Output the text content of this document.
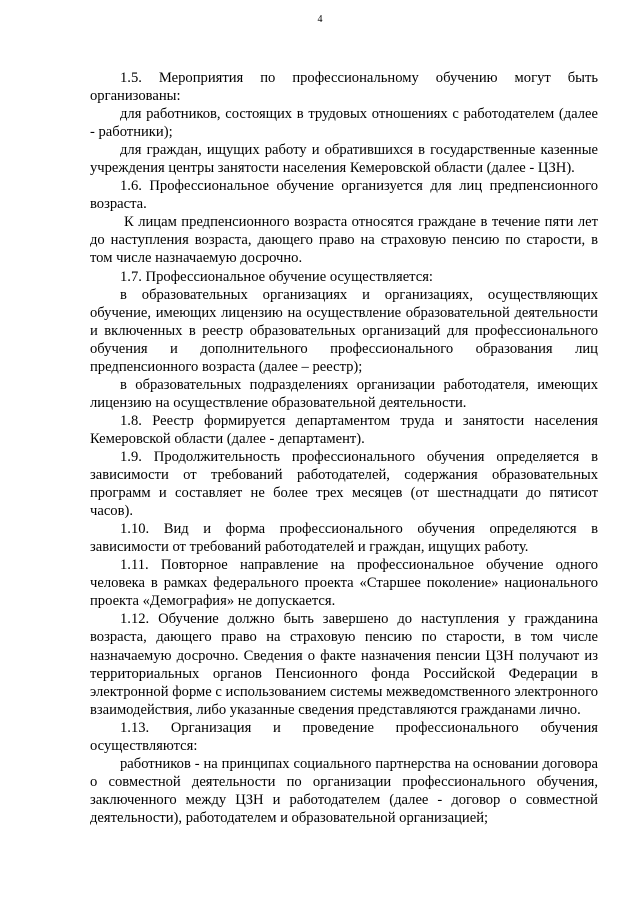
4

1.5. Мероприятия по профессиональному обучению могут быть организованы:

для работников, состоящих в трудовых отношениях с работодателем (далее - работники);

для граждан, ищущих работу и обратившихся в государственные казенные учреждения центры занятости населения Кемеровской области (далее - ЦЗН).

1.6. Профессиональное обучение организуется для лиц предпенсионного возраста.

К лицам предпенсионного возраста относятся граждане в течение пяти лет до наступления возраста, дающего право на страховую пенсию по старости, в том числе назначаемую досрочно.

1.7. Профессиональное обучение осуществляется:

в образовательных организациях и организациях, осуществляющих обучение, имеющих лицензию на осуществление образовательной деятельности и включенных в реестр образовательных организаций для профессионального обучения и дополнительного профессионального образования лиц предпенсионного возраста (далее – реестр);

в образовательных подразделениях организации работодателя, имеющих лицензию на осуществление образовательной деятельности.

1.8. Реестр формируется департаментом труда и занятости населения Кемеровской области (далее - департамент).

1.9. Продолжительность профессионального обучения определяется в зависимости от требований работодателей, содержания образовательных программ и составляет не более трех месяцев (от шестнадцати до пятисот часов).

1.10. Вид и форма профессионального обучения определяются в зависимости от требований работодателей и граждан, ищущих работу.

1.11. Повторное направление на профессиональное обучение одного человека в рамках федерального проекта «Старшее поколение» национального проекта «Демография» не допускается.

1.12. Обучение должно быть завершено до наступления у гражданина возраста, дающего право на страховую пенсию по старости, в том числе назначаемую досрочно. Сведения о факте назначения пенсии ЦЗН получают из территориальных органов Пенсионного фонда Российской Федерации в электронной форме с использованием системы межведомственного электронного взаимодействия, либо указанные сведения представляются гражданами лично.

1.13. Организация и проведение профессионального обучения осуществляются:

работников - на принципах социального партнерства на основании договора о совместной деятельности по организации профессионального обучения, заключенного между ЦЗН и работодателем (далее - договор о совместной деятельности), работодателем и образовательной организацией;
